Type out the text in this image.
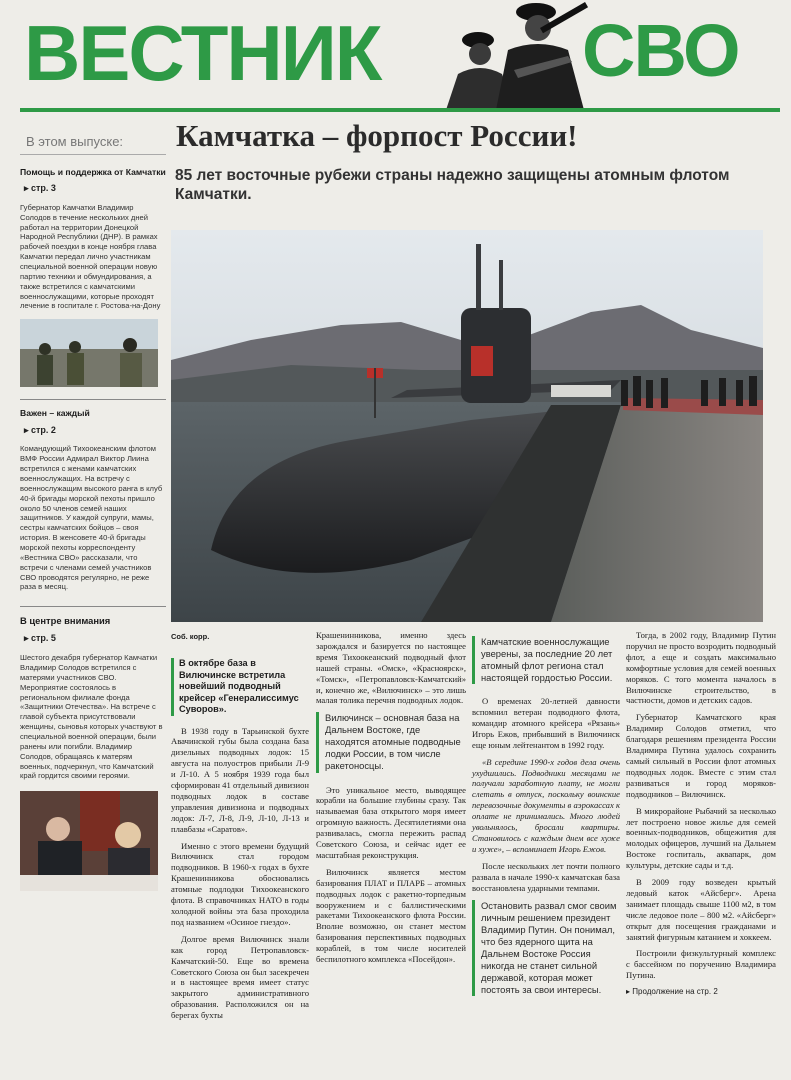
ВЕСТНИК	СВО
В этом выпуске:
Помощь и поддержка от Камчатки
▸ стр. 3
Губернатор Камчатки Владимир Солодов в течение нескольких дней работал на территории Донецкой Народной Республики (ДНР). В рамках рабочей поездки в конце ноября глава Камчатки передал лично участникам специальной военной операции новую партию техники и обмундирования, а также встретился с камчатскими военнослужащими, которые проходят лечение в госпитале г. Ростова-на-Дону
Важен – каждый
▸ стр. 2
Командующий Тихоокеанским флотом ВМФ России Адмирал Виктор Лиина встретился с женами камчатских военнослужащих. На встречу с военнослужащим высокого ранга в клуб 40-й бригады морской пехоты пришло около 50 членов семей наших защитников. У каждой супруги, мамы, сестры камчатских бойцов – своя история. В женсовете 40-й бригады морской пехоты корреспонденту «Вестника СВО» рассказали, что встречи с членами семей участников СВО проводятся регулярно, не реже раза в месяц.
В центре внимания
▸ стр. 5
Шестого декабря губернатор Камчатки Владимир Солодов встретился с матерями участников СВО. Мероприятие состоялось в региональном филиале фонда «Защитники Отечества». На встрече с главой субъекта присутствовали женщины, сыновья которых участвуют в специальной военной операции, были ранены или погибли. Владимир Солодов, обращаясь к матерям военных, подчеркнул, что Камчатский край гордится своими героями.
Камчатка – форпост России!
85 лет восточные рубежи страны надежно защищены атомным флотом Камчатки.
Соб. корр.
В октябре база в Вилючинске встретила новейший подводный крейсер «Генералиссимус Суворов».

В 1938 году в Тарьинской бухте Авачинской губы была создана база дизельных подводных лодок: 15 августа на полуостров прибыли Л-9 и Л-10. А 5 ноября 1939 года был сформирован 41 отдельный дивизион подводных лодок в составе управления дивизиона и подводных лодок: Л-7, Л-8, Л-9, Л-10, Л-13 и плавбазы «Саратов».

Именно с этого времени будущий Вилючинск стал городом подводников. В 1960-х годах в бухте Крашенинникова обосновались атомные подлодки Тихоокеанского флота. В справочниках НАТО в годы холодной войны эта база проходила под названием «Осиное гнездо».

Долгое время Вилючинск знали как город Петропавловск-Камчатский-50. Еще во времена Советского Союза он был засекречен и в настоящее время имеет статус закрытого административного образования. Расположился он на берегах бухты

Крашенинникова, именно здесь зарождался и базируется по настоящее время Тихоокеанский подводный флот нашей страны. «Омск», «Красноярск», «Томск», «Петропавловск-Камчатский» и, конечно же, «Вилючинск» – это лишь малая толика перечня подводных лодок.

Вилючинск – основная база на Дальнем Востоке, где находятся атомные подводные лодки России, в том числе ракетоносцы.

Это уникальное место, выводящее корабли на большие глубины сразу. Так называемая база открытого моря имеет огромную важность. Десятилетиями она развивалась, смогла пережить распад Советского Союза, и сейчас идет ее масштабная реконструкция.

Вилючинск является местом базирования ПЛАТ и ПЛАРБ – атомных подводных лодок с ракетно-торпедным вооружением и с баллистическими ракетами Тихоокеанского флота России. Вполне возможно, он станет местом базирования перспективных подводных кораблей, в том числе носителей беспилотного комплекса «Посейдон».

Камчатские военнослужащие уверены, за последние 20 лет атомный флот региона стал настоящей гордостью России.

О временах 20-летней давности вспомнил ветеран подводного флота, командир атомного крейсера «Рязань» Игорь Ежов, прибывший в Вилючинск еще юным лейтенантом в 1992 году.

«В середине 1990-х годов дела очень ухудшились. Подводники месяцами не получали заработную плату, не могли слетать в отпуск, поскольку воинские перевозочные документы в аэрокассах к оплате не принимались. Много людей увольнялось, бросали квартиры. Становилось с каждым днем все хуже и хуже», – вспоминает Игорь Ежов.

После нескольких лет почти полного развала в начале 1990-х камчатская база восстановлена ударными темпами.

Остановить развал смог своим личным решением президент Владимир Путин. Он понимал, что без ядерного щита на Дальнем Востоке Россия никогда не станет сильной державой, которая может постоять за свои интересы.

Тогда, в 2002 году, Владимир Путин поручил не просто возродить подводный флот, а еще и создать максимально комфортные условия для семей военных моряков. С того момента началось в Вилючинске строительство, в частности, домов и детских садов.

Губернатор Камчатского края Владимир Солодов отметил, что благодаря решениям президента России Владимира Путина удалось сохранить самый сильный в России флот атомных подводных лодок. Вместе с этим стал развиваться и город моряков-подводников – Вилючинск.

В микрорайоне Рыбачий за несколько лет построено новое жилье для семей военных-подводников, общежития для молодых офицеров, лучший на Дальнем Востоке госпиталь, аквапарк, дом культуры, детские сады и т.д.

В 2009 году возведен крытый ледовый каток «Айсберг». Арена занимает площадь свыше 1100 м2, в том числе ледовое поле – 800 м2. «Айсберг» открыт для посещения гражданами и занятий фигурным катанием и хоккеем.

Построили физкультурный комплекс с бассейном по поручению Владимира Путина.

▸ Продолжение на стр. 2
